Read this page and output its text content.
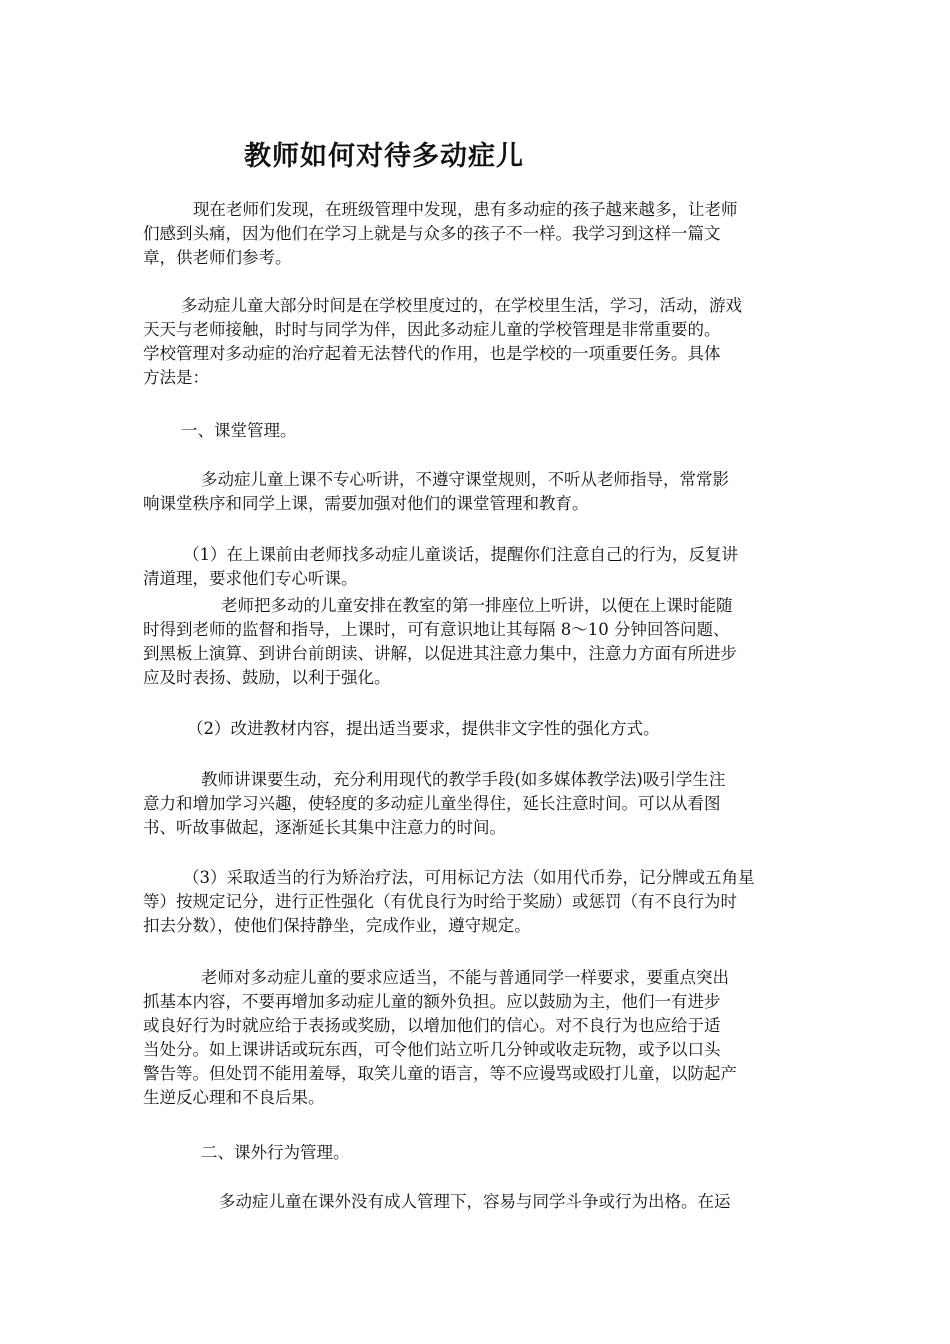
教师如何对待多动症儿

现在老师们发现，在班级管理中发现，患有多动症的孩子越来越多，让老师

们感到头痛，因为他们在学习上就是与众多的孩子不一样。我学习到这样一篇文

章，供老师们参考。

多动症儿童大部分时间是在学校里度过的，在学校里生活，学习，活动，游戏

天天与老师接触，时时与同学为伴，因此多动症儿童的学校管理是非常重要的。

学校管理对多动症的治疗起着无法替代的作用，也是学校的一项重要任务。具体

方法是：

一、课堂管理。

多动症儿童上课不专心听讲，不遵守课堂规则，不听从老师指导，常常影

响课堂秩序和同学上课，需要加强对他们的课堂管理和教育。

（1）在上课前由老师找多动症儿童谈话，提醒你们注意自己的行为，反复讲

清道理，要求他们专心听课。

老师把多动的儿童安排在教室的第一排座位上听讲，以便在上课时能随

时得到老师的监督和指导，上课时，可有意识地让其每隔 8～10 分钟回答问题、

到黑板上演算、到讲台前朗读、讲解，以促进其注意力集中，注意力方面有所进步

应及时表扬、鼓励，以利于强化。

（2）改进教材内容，提出适当要求，提供非文字性的强化方式。

教师讲课要生动，充分利用现代的教学手段(如多媒体教学法)吸引学生注

意力和增加学习兴趣，使轻度的多动症儿童坐得住，延长注意时间。可以从看图

书、听故事做起，逐渐延长其集中注意力的时间。

（3）采取适当的行为矫治疗法，可用标记方法（如用代币券，记分牌或五角星

等）按规定记分，进行正性强化（有优良行为时给于奖励）或惩罚（有不良行为时

扣去分数），使他们保持静坐，完成作业，遵守规定。

老师对多动症儿童的要求应适当，不能与普通同学一样要求，要重点突出

抓基本内容，不要再增加多动症儿童的额外负担。应以鼓励为主，他们一有进步

或良好行为时就应给于表扬或奖励，以增加他们的信心。对不良行为也应给于适

当处分。如上课讲话或玩东西，可令他们站立听几分钟或收走玩物，或予以口头

警告等。但处罚不能用羞辱，取笑儿童的语言，等不应谩骂或殴打儿童，以防起产

生逆反心理和不良后果。

二、课外行为管理。

多动症儿童在课外没有成人管理下，容易与同学斗争或行为出格。在运
